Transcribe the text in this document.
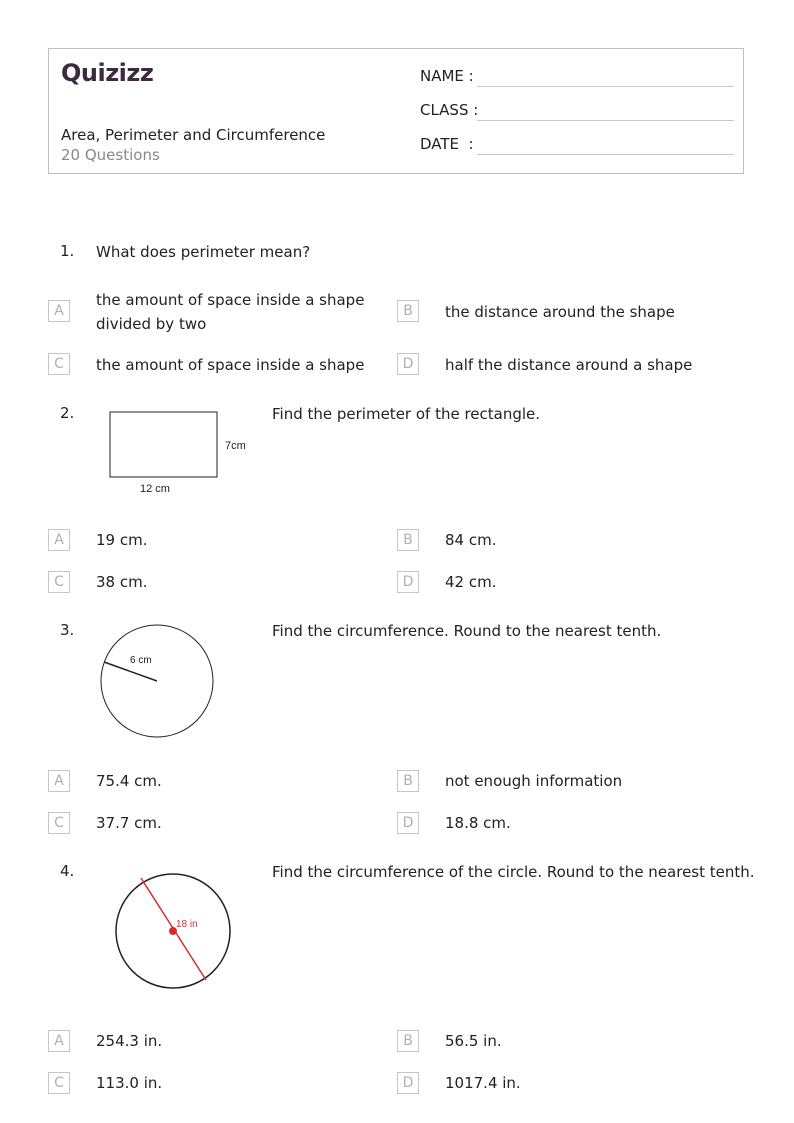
Quizizz
Area, Perimeter and Circumference
20 Questions
NAME :
CLASS :
DATE  :
1. What does perimeter mean?
A
the amount of space inside a shape divided by two
B	the distance around the shape
C	the amount of space inside a shape	D	half the distance around a shape
2.
7cm
12 cm
Find the perimeter of the rectangle.
A	19 cm.	B	84 cm.
C	38 cm.	D	42 cm.
3.
6 cm
Find the circumference. Round to the nearest tenth.
A	75.4 cm.	B	not enough information
C	37.7 cm.	D	18.8 cm.
4.
18 in
Find the circumference of the circle. Round to the nearest tenth.
A	254.3 in.	B	56.5 in.
C	113.0 in.	D	1017.4 in.
